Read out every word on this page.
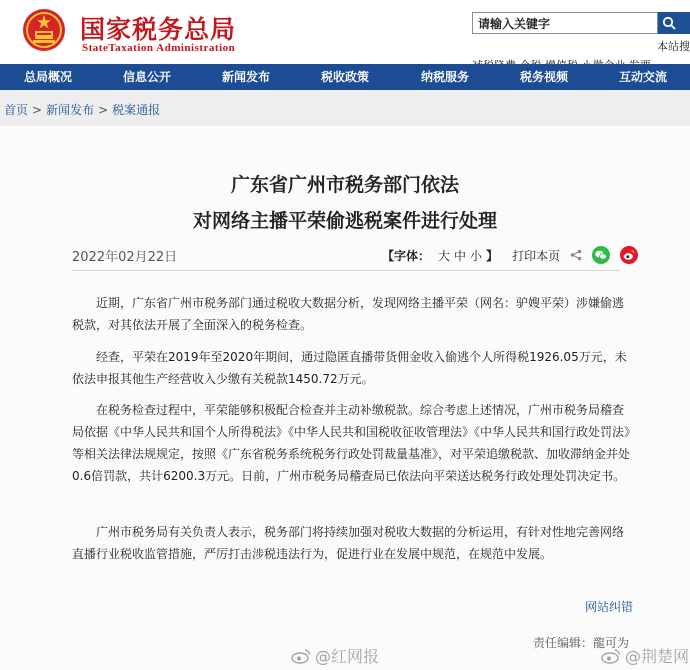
国家税务总局
StateTaxation Administration
请输入关键字	本站搜
总局概况	信息公开	新闻发布	税收政策	纳税服务	税务视频	互动交流
首页 > 新闻发布 > 税案通报
广东省广州市税务部门依法
对网络主播平荣偷逃税案件进行处理
2022年02月22日	【字体： 大 中 小 】 打印本页

近期，广东省广州市税务部门通过税收大数据分析，发现网络主播平荣（网名：驴嫂平荣）涉嫌偷逃税款，对其依法开展了全面深入的税务检查。

经查，平荣在2019年至2020年期间，通过隐匿直播带货佣金收入偷逃个人所得税1926.05万元，未依法申报其他生产经营收入少缴有关税款1450.72万元。

在税务检查过程中，平荣能够积极配合检查并主动补缴税款。综合考虑上述情况，广州市税务局稽查局依据《中华人民共和国个人所得税法》《中华人民共和国税收征收管理法》《中华人民共和国行政处罚法》等相关法律法规规定，按照《广东省税务系统税务行政处罚裁量基准》，对平荣追缴税款、加收滞纳金并处0.6倍罚款，共计6200.3万元。日前，广州市税务局稽查局已依法向平荣送达税务行政处理处罚决定书。

广州市税务局有关负责人表示，税务部门将持续加强对税收大数据的分析运用，有针对性地完善网络直播行业税收监管措施，严厉打击涉税违法行为，促进行业在发展中规范，在规范中发展。

网站纠错
责任编辑：龍可为
@红网报	@荆楚网
